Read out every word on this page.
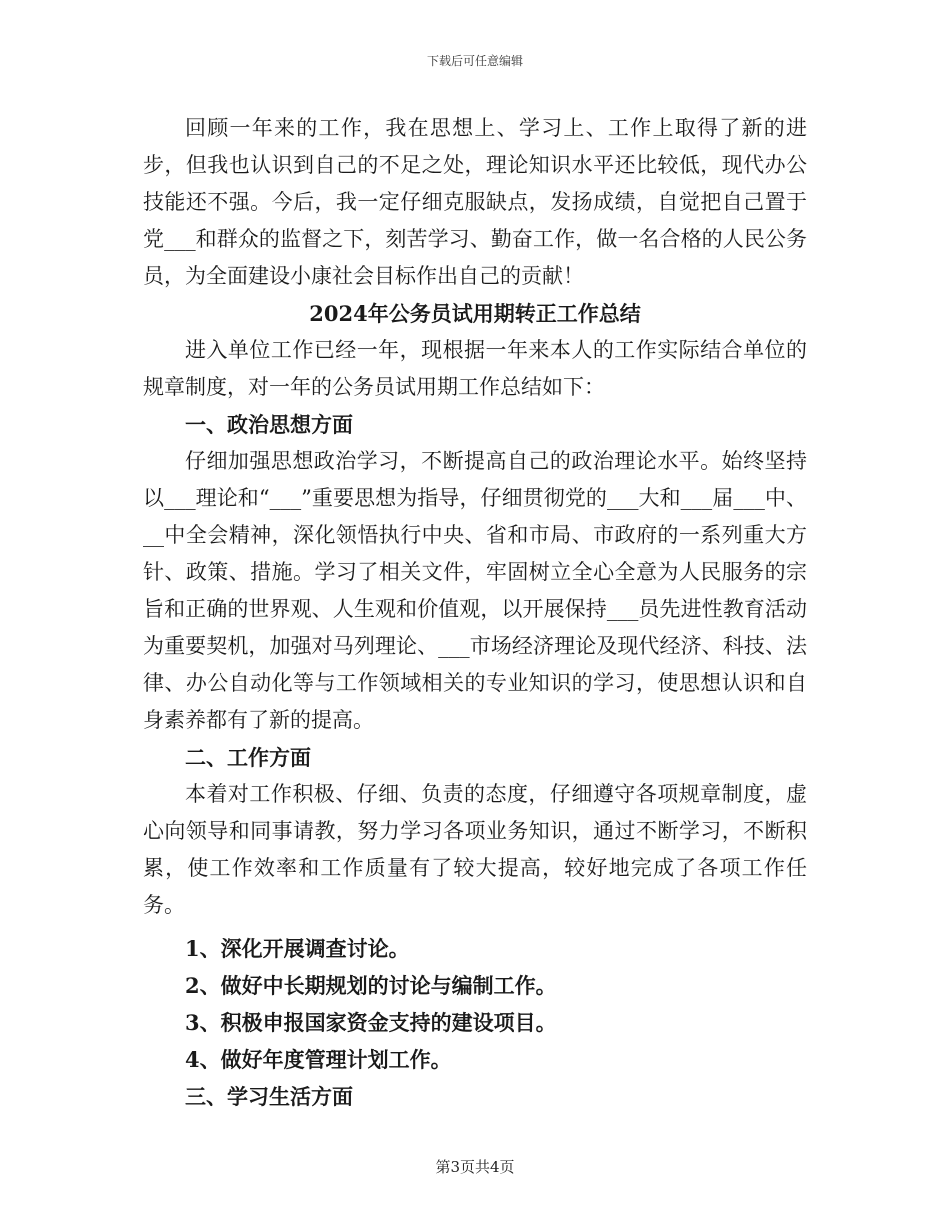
下载后可任意编辑

回顾一年来的工作，我在思想上、学习上、工作上取得了新的进步，但我也认识到自己的不足之处，理论知识水平还比较低，现代办公技能还不强。今后，我一定仔细克服缺点，发扬成绩，自觉把自己置于党___和群众的监督之下，刻苦学习、勤奋工作，做一名合格的人民公务员，为全面建设小康社会目标作出自己的贡献！

2024年公务员试用期转正工作总结

进入单位工作已经一年，现根据一年来本人的工作实际结合单位的规章制度，对一年的公务员试用期工作总结如下：

一、政治思想方面

仔细加强思想政治学习，不断提高自己的政治理论水平。始终坚持以___理论和“___”重要思想为指导，仔细贯彻党的___大和___届___中、__中全会精神，深化领悟执行中央、省和市局、市政府的一系列重大方针、政策、措施。学习了相关文件，牢固树立全心全意为人民服务的宗旨和正确的世界观、人生观和价值观，以开展保持___员先进性教育活动为重要契机，加强对马列理论、___市场经济理论及现代经济、科技、法律、办公自动化等与工作领域相关的专业知识的学习，使思想认识和自身素养都有了新的提高。

二、工作方面

本着对工作积极、仔细、负责的态度，仔细遵守各项规章制度，虚心向领导和同事请教，努力学习各项业务知识，通过不断学习，不断积累，使工作效率和工作质量有了较大提高，较好地完成了各项工作任务。

1、深化开展调查讨论。

2、做好中长期规划的讨论与编制工作。

3、积极申报国家资金支持的建设项目。

4、做好年度管理计划工作。

三、学习生活方面

第3页共4页
